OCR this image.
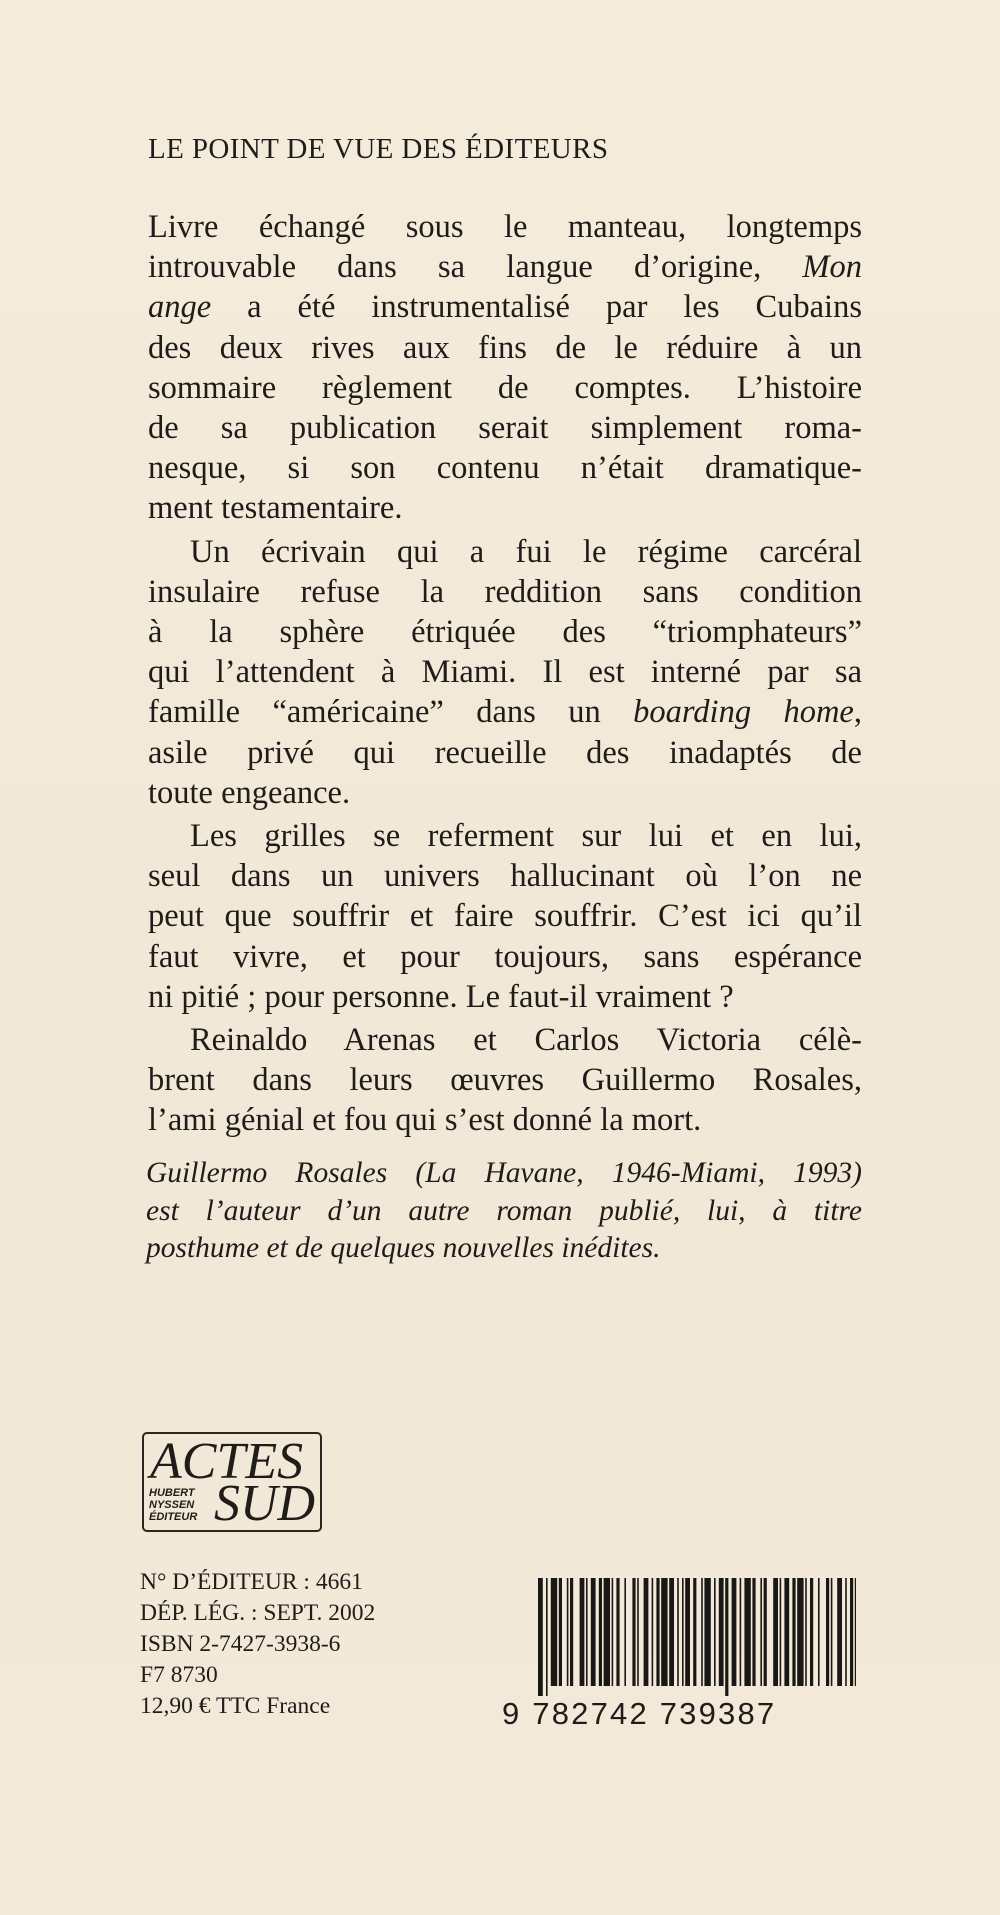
LE POINT DE VUE DES ÉDITEURS

Livre échangé sous le manteau, longtemps
introuvable dans sa langue d’origine, Mon
ange a été instrumentalisé par les Cubains
des deux rives aux fins de le réduire à un
sommaire règlement de comptes. L’histoire
de sa publication serait simplement roma-
nesque, si son contenu n’était dramatique-
ment testamentaire.

Un écrivain qui a fui le régime carcéral
insulaire refuse la reddition sans condition
à la sphère étriquée des “triomphateurs”
qui l’attendent à Miami. Il est interné par sa
famille “américaine” dans un boarding home,
asile privé qui recueille des inadaptés de
toute engeance.

Les grilles se referment sur lui et en lui,
seul dans un univers hallucinant où l’on ne
peut que souffrir et faire souffrir. C’est ici qu’il
faut vivre, et pour toujours, sans espérance
ni pitié ; pour personne. Le faut-il vraiment ?

Reinaldo Arenas et Carlos Victoria célè-
brent dans leurs œuvres Guillermo Rosales,
l’ami génial et fou qui s’est donné la mort.

Guillermo Rosales (La Havane, 1946-Miami, 1993)
est l’auteur d’un autre roman publié, lui, à titre
posthume et de quelques nouvelles inédites.
ACTES
HUBERT
NYSSEN
ÉDITEUR SUD
N° D’ÉDITEUR : 4661
DÉP. LÉG. : SEPT. 2002
ISBN 2-7427-3938-6
F7 8730
12,90 € TTC France	9 782742 739387
